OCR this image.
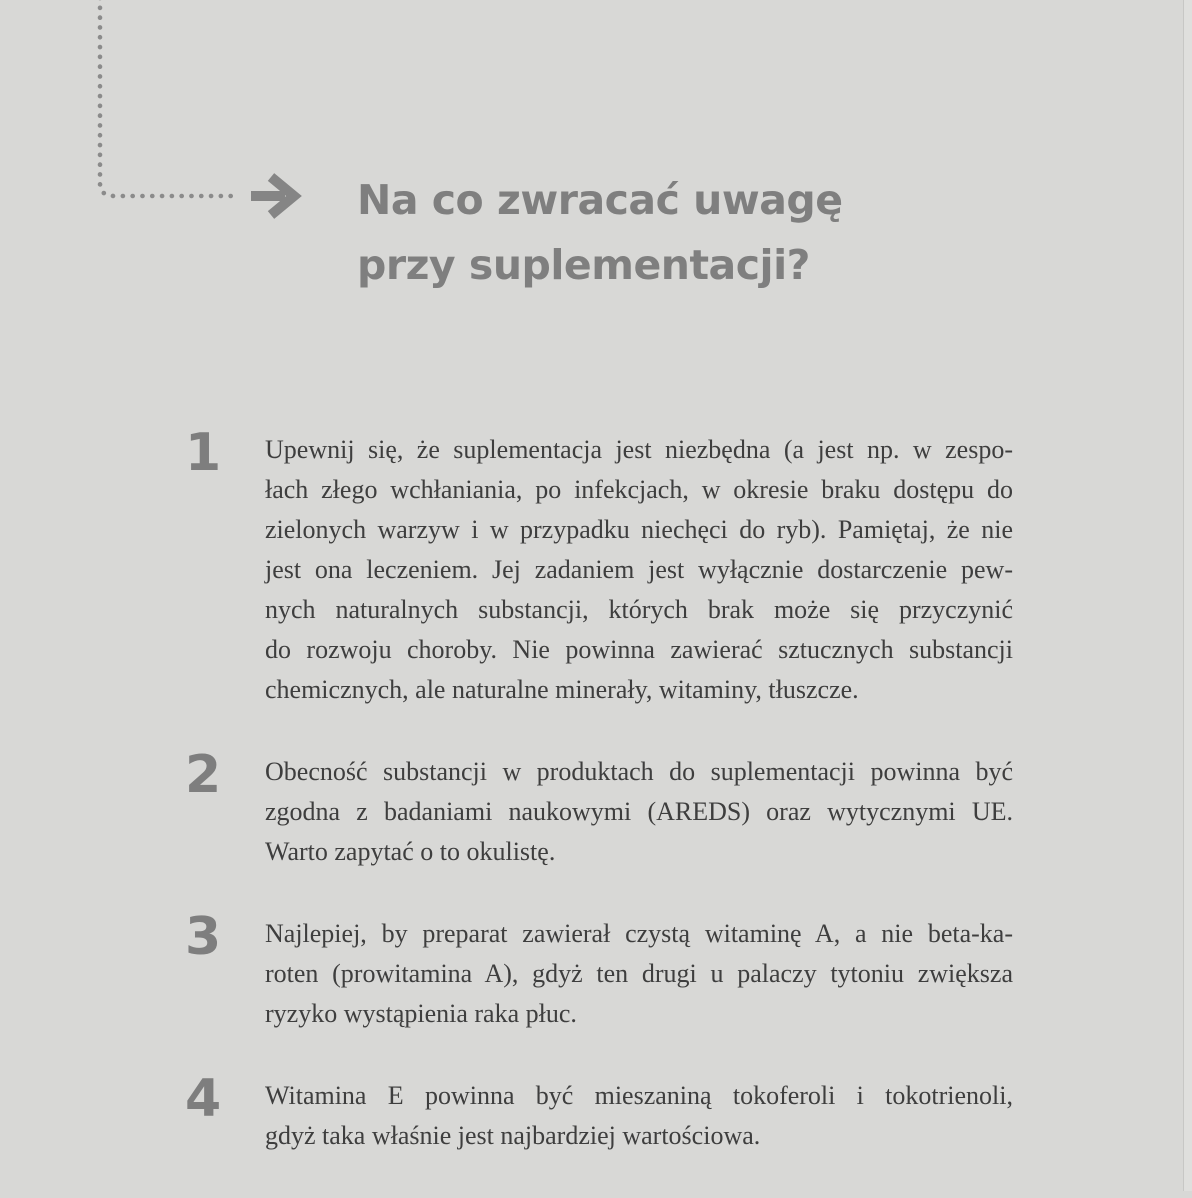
Na co zwracać uwagę
przy suplementacji?
1	Upewnij się, że suplementacja jest niezbędna (a jest np. w zespo-
łach złego wchłaniania, po infekcjach, w okresie braku dostępu do
zielonych warzyw i w przypadku niechęci do ryb). Pamiętaj, że nie
jest ona leczeniem. Jej zadaniem jest wyłącznie dostarczenie pew-
nych naturalnych substancji, których brak może się przyczynić
do rozwoju choroby. Nie powinna zawierać sztucznych substancji
chemicznych, ale naturalne minerały, witaminy, tłuszcze.
2	Obecność substancji w produktach do suplementacji powinna być
zgodna z badaniami naukowymi (AREDS) oraz wytycznymi UE.
Warto zapytać o to okulistę.
3	Najlepiej, by preparat zawierał czystą witaminę A, a nie beta-ka-
roten (prowitamina A), gdyż ten drugi u palaczy tytoniu zwiększa
ryzyko wystąpienia raka płuc.
4	Witamina E powinna być mieszaniną tokoferoli i tokotrienoli,
gdyż taka właśnie jest najbardziej wartościowa.
